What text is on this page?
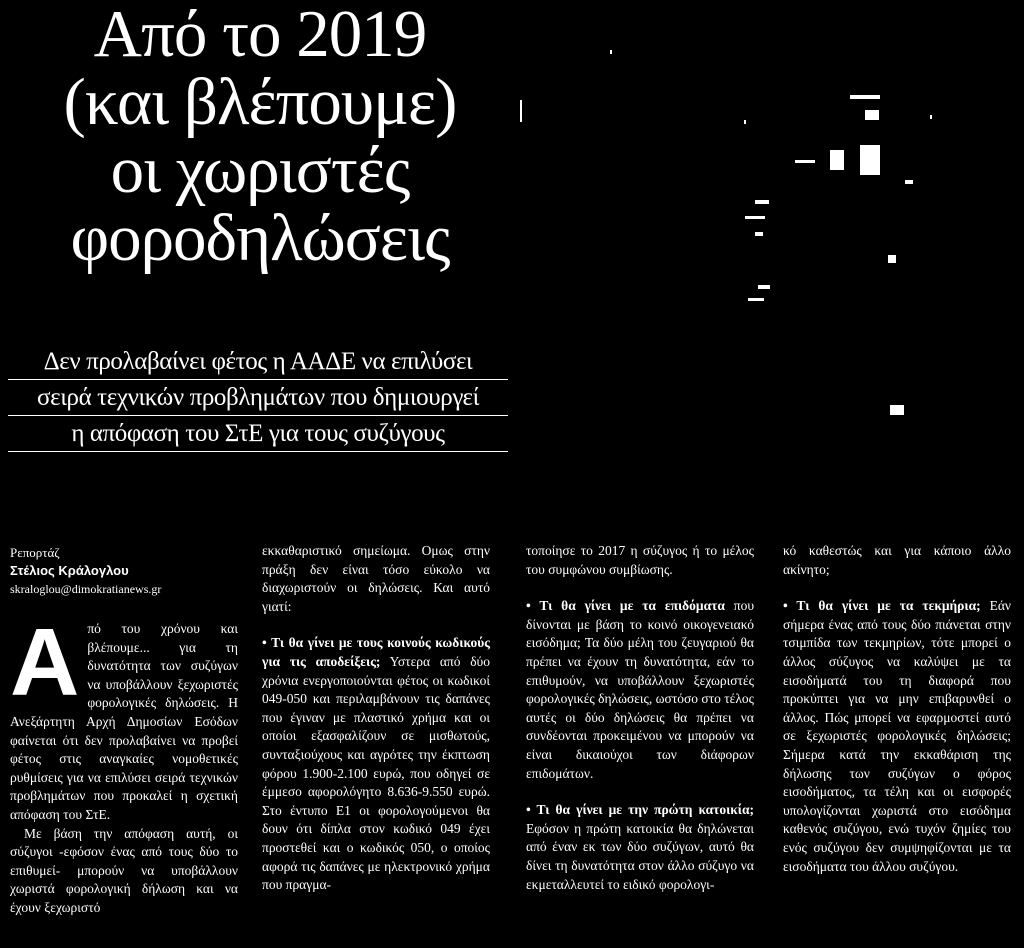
Από το 2019
(και βλέπουμε)
οι χωριστές
φοροδηλώσεις
Δεν προλαβαίνει φέτος η ΑΑΔΕ να επιλύσει
σειρά τεχνικών προβλημάτων που δημιουργεί
η απόφαση του ΣτΕ για τους συζύγους
Ρεπορτάζ
Στέλιος Κράλογλου
skraloglou@dimokratianews.gr

Α πό του χρόνου και βλέπουμε... για τη δυνατότητα των συζύγων να υποβάλλουν ξεχωριστές φορολογικές δηλώσεις. Η Ανεξάρτητη Αρχή Δημοσίων Εσόδων φαίνεται ότι δεν προλαβαίνει να προβεί φέτος στις αναγκαίες νομοθετικές ρυθμίσεις για να επιλύσει σειρά τεχνικών προβλημάτων που προκαλεί η σχετική απόφαση του ΣτΕ.

Με βάση την απόφαση αυτή, οι σύζυγοι -εφόσον ένας από τους δύο το επιθυμεί- μπορούν να υποβάλλουν χωριστά φορολογική δήλωση και να έχουν ξεχωριστό

εκκαθαριστικό σημείωμα. Ομως στην πράξη δεν είναι τόσο εύκολο να διαχωριστούν οι δηλώσεις. Και αυτό γιατί:

• Τι θα γίνει με τους κοινούς κωδικούς για τις αποδείξεις; Υστερα από δύο χρόνια ενεργοποιούνται φέτος οι κωδικοί 049-050 και περιλαμβάνουν τις δαπάνες που έγιναν με πλαστικό χρήμα και οι οποίοι εξασφαλίζουν σε μισθωτούς, συνταξιούχους και αγρότες την έκπτωση φόρου 1.900-2.100 ευρώ, που οδηγεί σε έμμεσο αφορολόγητο 8.636-9.550 ευρώ. Στο έντυπο Ε1 οι φορολογούμενοι θα δουν ότι δίπλα στον κωδικό 049 έχει προστεθεί και ο κωδικός 050, ο οποίος αφορά τις δαπάνες με ηλεκτρονικό χρήμα που πραγμα-

τοποίησε το 2017 η σύζυγος ή το μέλος του συμφώνου συμβίωσης.

• Τι θα γίνει με τα επιδόματα που δίνονται με βάση το κοινό οικογενειακό εισόδημα; Τα δύο μέλη του ζευγαριού θα πρέπει να έχουν τη δυνατότητα, εάν το επιθυμούν, να υποβάλλουν ξεχωριστές φορολογικές δηλώσεις, ωστόσο στο τέλος αυτές οι δύο δηλώσεις θα πρέπει να συνδέονται προκειμένου να μπορούν να είναι δικαιούχοι των διάφορων επιδομάτων.

• Τι θα γίνει με την πρώτη κατοικία; Εφόσον η πρώτη κατοικία θα δηλώνεται από έναν εκ των δύο συζύγων, αυτό θα δίνει τη δυνατότητα στον άλλο σύζυγο να εκμεταλλευτεί το ειδικό φορολογι-

κό καθεστώς και για κάποιο άλλο ακίνητο;

• Τι θα γίνει με τα τεκμήρια; Εάν σήμερα ένας από τους δύο πιάνεται στην τσιμπίδα των τεκμηρίων, τότε μπορεί ο άλλος σύζυγος να καλύψει με τα εισοδήματά του τη διαφορά που προκύπτει για να μην επιβαρυνθεί ο άλλος. Πώς μπορεί να εφαρμοστεί αυτό σε ξεχωριστές φορολογικές δηλώσεις; Σήμερα κατά την εκκαθάριση της δήλωσης των συζύγων ο φόρος εισοδήματος, τα τέλη και οι εισφορές υπολογίζονται χωριστά στο εισόδημα καθενός συζύγου, ενώ τυχόν ζημίες του ενός συζύγου δεν συμψηφίζονται με τα εισοδήματα του άλλου συζύγου.
